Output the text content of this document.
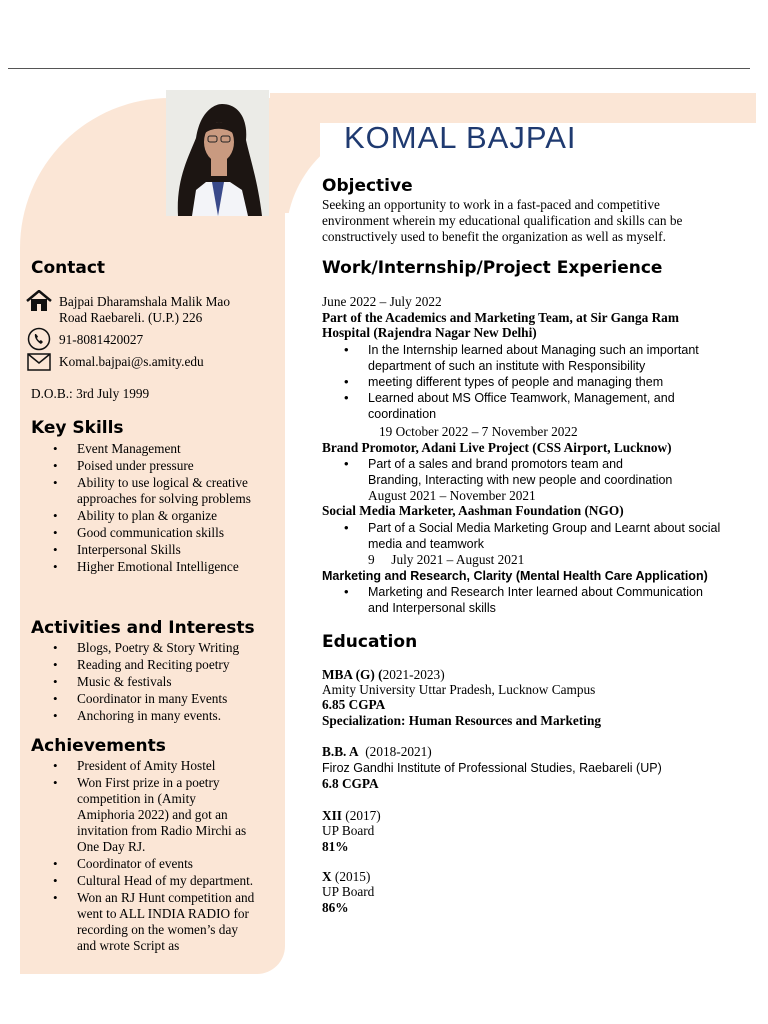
KOMAL BAJPAI
Contact
Bajpai Dharamshala Malik Mao
Road Raebareli. (U.P.) 226
91-8081420027
Komal.bajpai@s.amity.edu
D.O.B.: 3rd July 1999
Key Skills
• Event Management
• Poised under pressure
• Ability to use logical & creative
approaches for solving problems
• Ability to plan & organize
• Good communication skills
• Interpersonal Skills
• Higher Emotional Intelligence
Activities and Interests
• Blogs, Poetry & Story Writing
• Reading and Reciting poetry
• Music & festivals
• Coordinator in many Events
• Anchoring in many events.
Achievements
• President of Amity Hostel
• Won First prize in a poetry
competition in (Amity
Amiphoria 2022) and got an
invitation from Radio Mirchi as
One Day RJ.
• Coordinator of events
• Cultural Head of my department.
• Won an RJ Hunt competition and
went to ALL INDIA RADIO for
recording on the women’s day
and wrote Script as
Objective
Seeking an opportunity to work in a fast-paced and competitive
environment wherein my educational qualification and skills can be
constructively used to benefit the organization as well as myself.
Work/Internship/Project Experience
June 2022 – July 2022
Part of the Academics and Marketing Team, at Sir Ganga Ram
Hospital (Rajendra Nagar New Delhi)
• In the Internship learned about Managing such an important
department of such an institute with Responsibility
• meeting different types of people and managing them
• Learned about MS Office Teamwork, Management, and
coordination
19 October 2022 – 7 November 2022
Brand Promotor, Adani Live Project (CSS Airport, Lucknow)
• Part of a sales and brand promotors team and
Branding, Interacting with new people and coordination
August 2021 – November 2021
Social Media Marketer, Aashman Foundation (NGO)
• Part of a Social Media Marketing Group and Learnt about social
media and teamwork
9     July 2021 – August 2021
Marketing and Research, Clarity (Mental Health Care Application)
• Marketing and Research Inter learned about Communication
and Interpersonal skills
Education
MBA (G) (2021-2023)
Amity University Uttar Pradesh, Lucknow Campus
6.85 CGPA
Specialization: Human Resources and Marketing
B.B. A  (2018-2021)
Firoz Gandhi Institute of Professional Studies, Raebareli (UP)
6.8 CGPA
XII (2017)
UP Board
81%
X (2015)
UP Board
86%
